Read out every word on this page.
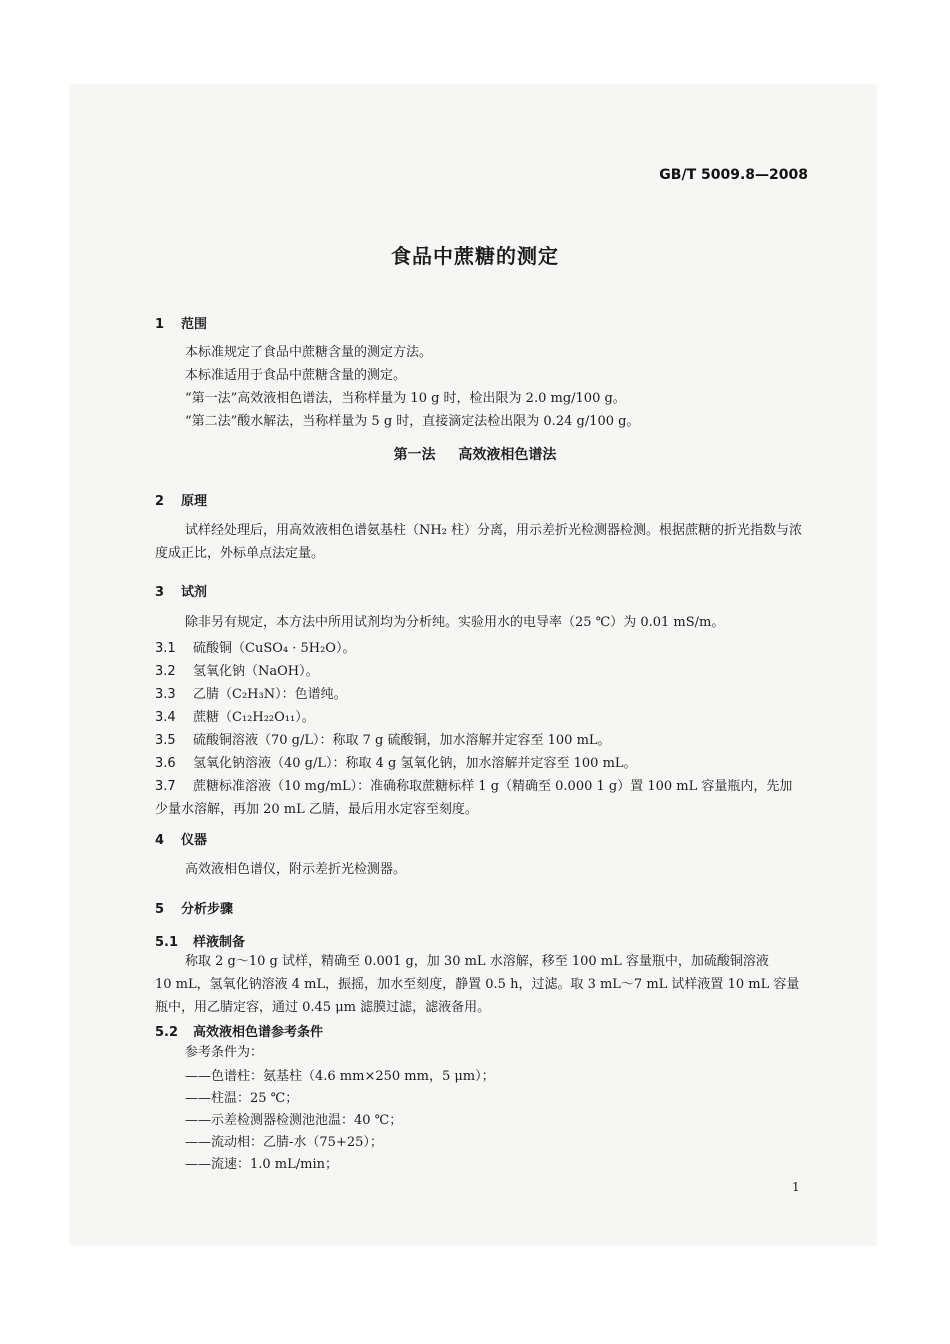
GB/T 5009.8—2008
食品中蔗糖的测定
1 范围
本标准规定了食品中蔗糖含量的测定方法。
本标准适用于食品中蔗糖含量的测定。
“第一法”高效液相色谱法，当称样量为 10 g 时，检出限为 2.0 mg/100 g。
“第二法”酸水解法，当称样量为 5 g 时，直接滴定法检出限为 0.24 g/100 g。
第一法 高效液相色谱法
2 原理
试样经处理后，用高效液相色谱氨基柱（NH₂ 柱）分离，用示差折光检测器检测。根据蔗糖的折光指数与浓度成正比，外标单点法定量。
3 试剂
除非另有规定，本方法中所用试剂均为分析纯。实验用水的电导率（25 ℃）为 0.01 mS/m。
3.1 硫酸铜（CuSO₄ · 5H₂O）。
3.2 氢氧化钠（NaOH）。
3.3 乙腈（C₂H₃N）：色谱纯。
3.4 蔗糖（C₁₂H₂₂O₁₁）。
3.5 硫酸铜溶液（70 g/L）：称取 7 g 硫酸铜，加水溶解并定容至 100 mL。
3.6 氢氧化钠溶液（40 g/L）：称取 4 g 氢氧化钠，加水溶解并定容至 100 mL。
3.7 蔗糖标准溶液（10 mg/mL）：准确称取蔗糖标样 1 g（精确至 0.000 1 g）置 100 mL 容量瓶内，先加
少量水溶解，再加 20 mL 乙腈，最后用水定容至刻度。
4 仪器
高效液相色谱仪，附示差折光检测器。
5 分析步骤
5.1 样液制备
称取 2 g～10 g 试样，精确至 0.001 g，加 30 mL 水溶解，移至 100 mL 容量瓶中，加硫酸铜溶液
10 mL，氢氧化钠溶液 4 mL，振摇，加水至刻度，静置 0.5 h，过滤。取 3 mL～7 mL 试样液置 10 mL 容量瓶中，用乙腈定容，通过 0.45 μm 滤膜过滤，滤液备用。
5.2 高效液相色谱参考条件
参考条件为：
——色谱柱：氨基柱（4.6 mm×250 mm，5 μm）；
——柱温：25 ℃；
——示差检测器检测池池温：40 ℃；
——流动相：乙腈-水（75+25）；
——流速：1.0 mL/min；
1
